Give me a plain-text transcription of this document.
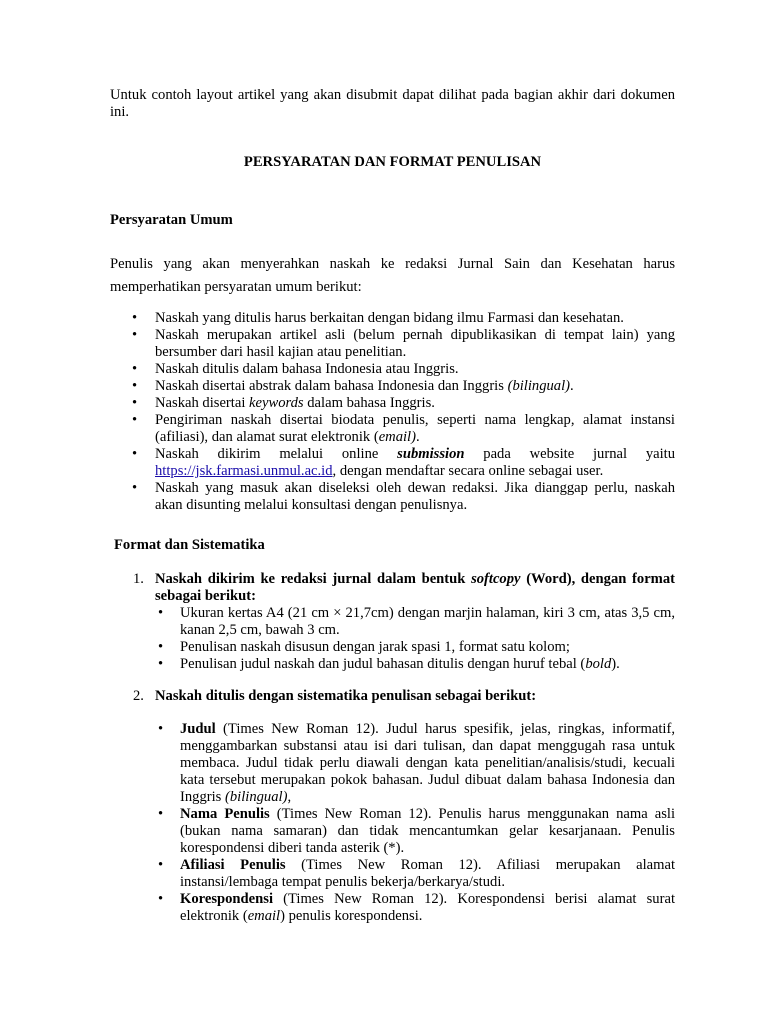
Untuk contoh layout artikel yang akan disubmit dapat dilihat pada bagian akhir dari dokumen ini.

PERSYARATAN DAN FORMAT PENULISAN

Persyaratan Umum

Penulis yang akan menyerahkan naskah ke redaksi Jurnal Sain dan Kesehatan harus memperhatikan persyaratan umum berikut:

• Naskah yang ditulis harus berkaitan dengan bidang ilmu Farmasi dan kesehatan.
• Naskah merupakan artikel asli (belum pernah dipublikasikan di tempat lain) yang bersumber dari hasil kajian atau penelitian.
• Naskah ditulis dalam bahasa Indonesia atau Inggris.
• Naskah disertai abstrak dalam bahasa Indonesia dan Inggris (bilingual).
• Naskah disertai keywords dalam bahasa Inggris.
• Pengiriman naskah disertai biodata penulis, seperti nama lengkap, alamat instansi (afiliasi), dan alamat surat elektronik (email).
• Naskah dikirim melalui online submission pada website jurnal yaitu https://jsk.farmasi.unmul.ac.id, dengan mendaftar secara online sebagai user.
• Naskah yang masuk akan diseleksi oleh dewan redaksi. Jika dianggap perlu, naskah akan disunting melalui konsultasi dengan penulisnya.

Format dan Sistematika

1. Naskah dikirim ke redaksi jurnal dalam bentuk softcopy (Word), dengan format sebagai berikut:

• Ukuran kertas A4 (21 cm × 21,7cm) dengan marjin halaman, kiri 3 cm, atas 3,5 cm, kanan 2,5 cm, bawah 3 cm.
• Penulisan naskah disusun dengan jarak spasi 1, format satu kolom;
• Penulisan judul naskah dan judul bahasan ditulis dengan huruf tebal (bold).
2. Naskah ditulis dengan sistematika penulisan sebagai berikut:

• Judul (Times New Roman 12). Judul harus spesifik, jelas, ringkas, informatif, menggambarkan substansi atau isi dari tulisan, dan dapat menggugah rasa untuk membaca. Judul tidak perlu diawali dengan kata penelitian/analisis/studi, kecuali kata tersebut merupakan pokok bahasan. Judul dibuat dalam bahasa Indonesia dan Inggris (bilingual),
• Nama Penulis (Times New Roman 12). Penulis harus menggunakan nama asli (bukan nama samaran) dan tidak mencantumkan gelar kesarjanaan. Penulis korespondensi diberi tanda asterik (*).
• Afiliasi Penulis (Times New Roman 12). Afiliasi merupakan alamat instansi/lembaga tempat penulis bekerja/berkarya/studi.
• Korespondensi (Times New Roman 12). Korespondensi berisi alamat surat elektronik (email) penulis korespondensi.
